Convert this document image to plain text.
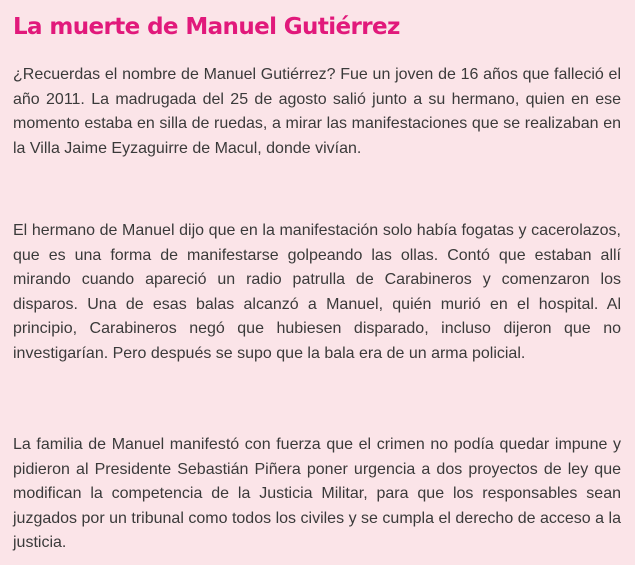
La muerte de Manuel Gutiérrez

¿Recuerdas el nombre de Manuel Gutiérrez? Fue un joven de 16 años que falleció el año 2011. La madrugada del 25 de agosto salió junto a su hermano, quien en ese momento estaba en silla de ruedas, a mirar las manifestaciones que se realizaban en la Villa Jaime Eyzaguirre de Macul, donde vivían.

El hermano de Manuel dijo que en la manifestación solo había fogatas y cacerolazos, que es una forma de manifestarse golpeando las ollas. Contó que estaban allí mirando cuando apareció un radio patrulla de Carabineros y comenzaron los disparos. Una de esas balas alcanzó a Manuel, quién murió en el hospital. Al principio, Carabineros negó que hubiesen disparado, incluso dijeron que no investigarían. Pero después se supo que la bala era de un arma policial.

La familia de Manuel manifestó con fuerza que el crimen no podía quedar impune y pidieron al Presidente Sebastián Piñera poner urgencia a dos proyectos de ley que modifican la competencia de la Justicia Militar, para que los responsables sean juzgados por un tribunal como todos los civiles y se cumpla el derecho de acceso a la justicia.
